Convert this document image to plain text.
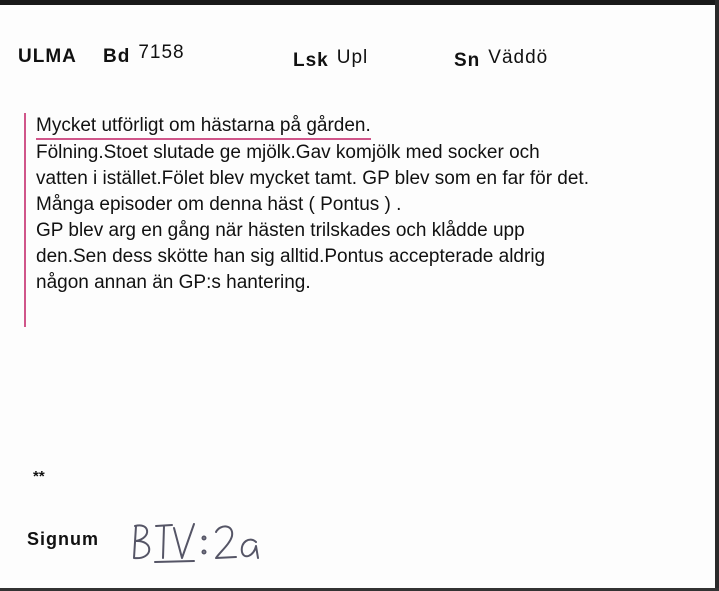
ULMA Bd 7158	Lsk Upl	Sn Väddö
Mycket utförligt om hästarna på gården.
Fölning.Stoet slutade ge mjölk.Gav komjölk med socker och
vatten i istället.Fölet blev mycket tamt. GP blev som en far för det.
Många episoder om denna häst ( Pontus ) .
GP blev arg en gång när hästen trilskades och klådde upp
den.Sen dess skötte han sig alltid.Pontus accepterade aldrig
någon annan än GP:s hantering.
**
Signum
BTV: 2a
